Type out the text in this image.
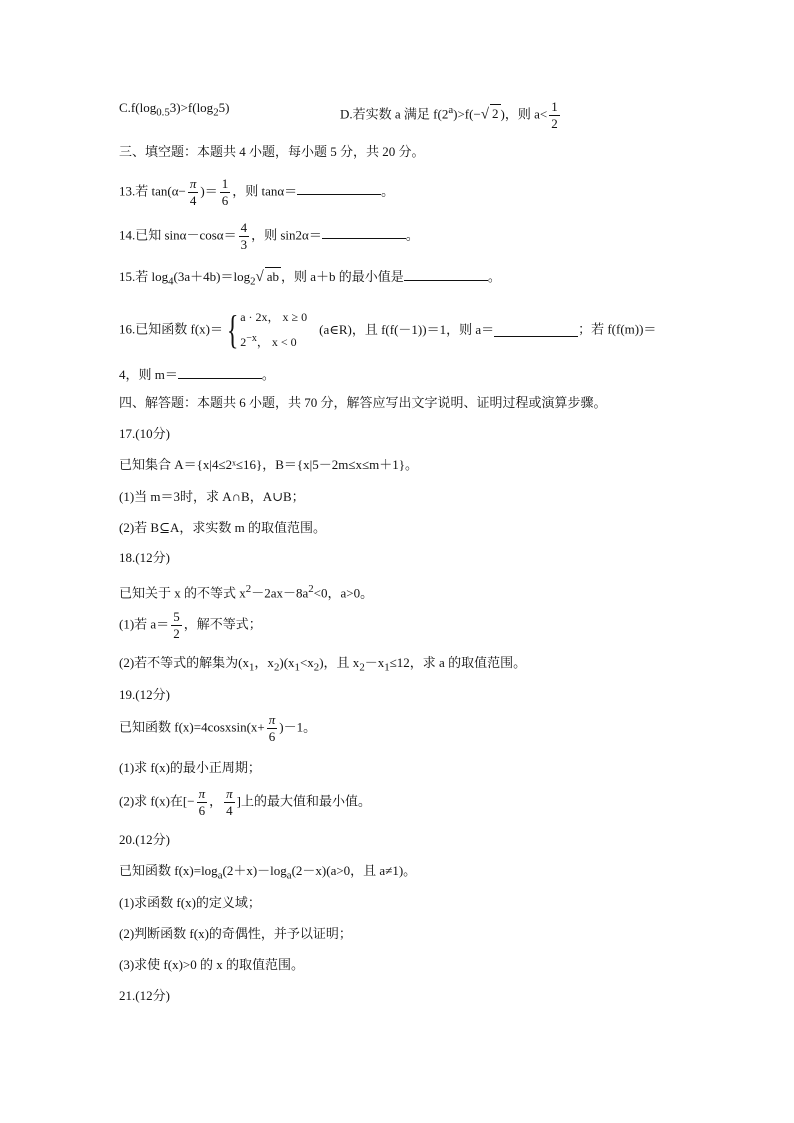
$C.f(\log_{0.5}3)>f(\log_25)$	D.若实数 a 满足 $f(2^a)>f(-√$ 2 )，则 $a< \frac{1}{2}$
三、填空题：本题共 4 小题，每小题 5 分，共 20 分。
13.若 $\tan(\alpha- \frac{\pi}{4}$ )＝ $\frac{1}{6}$ ，则 tanα＝	。
14.已知 $\sin\alpha-\cos\alpha= \frac{4}{3}$ ，则 sin2α＝	。
15.若 $\log_4(3a+4b)=\log_2√$ ab ，则 a＋b 的最小值是	。
16.已知函数 f(x)＝ { a · 2x， x ≥ 0
$2^{-x}$， x < 0
(a∈R)，且 f(f(－1))＝1，则 a＝	；若 f(f(m))＝
4，则 m＝	。
四、解答题：本题共 6 小题，共 70 分，解答应写出文字说明、证明过程或演算步骤。
17.(10分)
已知集合 A＝{x|4≤2ˣ≤16}，B＝{x|5－2m≤x≤m＋1}。
(1)当 m＝3时，求 A∩B，A∪B；
(2)若 B⊆A，求实数 m 的取值范围。
18.(12分)
已知关于 x 的不等式 $x^2-2ax-8a^2<0$，a>0。
(1)若 $a= \frac{5}{2}$ ，解不等式；
(2)若不等式的解集为($x_1$，$x_2)(x_1<x_2)$，且 $x_2-x_1\le 12$，求 a 的取值范围。
19.(12分)
已知函数 f(x)=4cosxsin(x+ $\frac{\pi}{6} )-1$。
(1)求 f(x)的最小正周期；
(2)求 f(x)在[− $\frac{\pi}{6}$ ， $\frac{\pi}{4}$ ]上的最大值和最小值。
20.(12分)
已知函数 $f(x)=\log_a(2+x)-\log_a(2-x)(a>0$，且 a≠1)。
(1)求函数 f(x)的定义域；
(2)判断函数 f(x)的奇偶性，并予以证明；
(3)求使 f(x)>0 的 x 的取值范围。
21.(12分)
